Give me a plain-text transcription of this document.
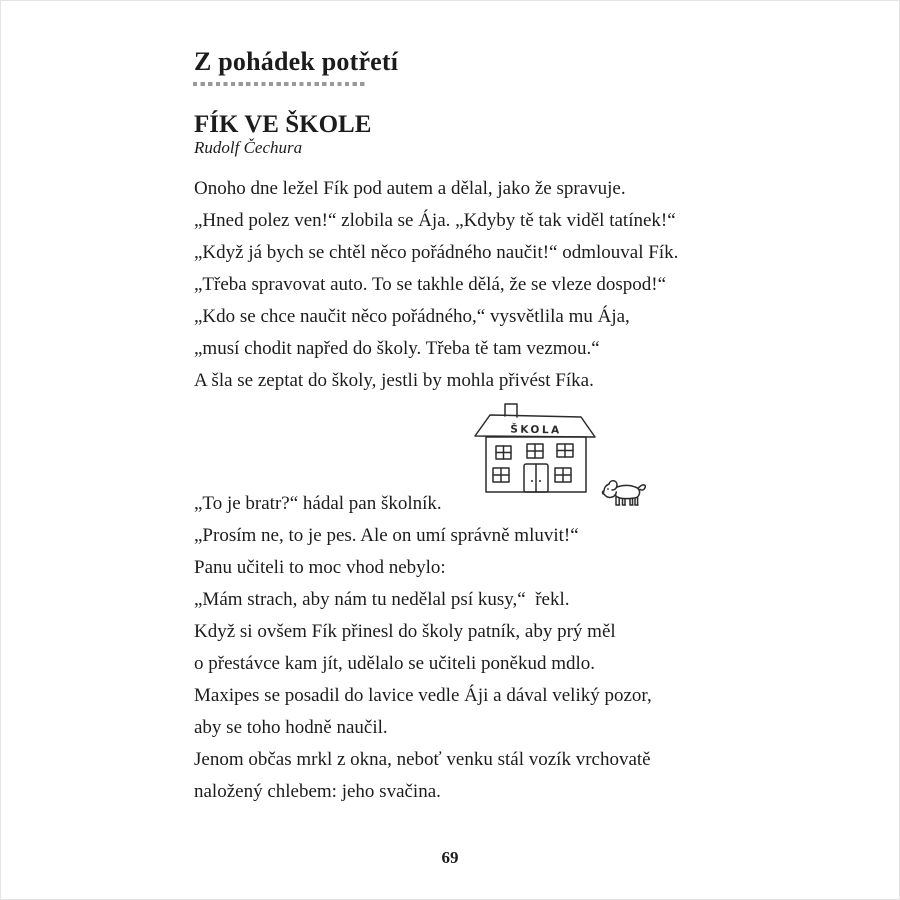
Z pohádek potřetí
FÍK VE ŠKOLE
Rudolf Čechura
Onoho dne ležel Fík pod autem a dělal, jako že spravuje.
„Hned polez ven!“ zlobila se Ája. „Kdyby tě tak viděl tatínek!“
„Když já bych se chtěl něco pořádného naučit!“ odmlouval Fík.
„Třeba spravovat auto. To se takhle dělá, že se vleze dospod!“
„Kdo se chce naučit něco pořádného,“ vysvětlila mu Ája,
„musí chodit napřed do školy. Třeba tě tam vezmou.“
A šla se zeptat do školy, jestli by mohla přivést Fíka.
ŠKOLA
„To je bratr?“ hádal pan školník.
„Prosím ne, to je pes. Ale on umí správně mluvit!“
Panu učiteli to moc vhod nebylo:
„Mám strach, aby nám tu nedělal psí kusy,“  řekl.
Když si ovšem Fík přinesl do školy patník, aby prý měl
o přestávce kam jít, udělalo se učiteli poněkud mdlo.
Maxipes se posadil do lavice vedle Áji a dával veliký pozor,
aby se toho hodně naučil.
Jenom občas mrkl z okna, neboť venku stál vozík vrchovatě
naložený chlebem: jeho svačina.
69
